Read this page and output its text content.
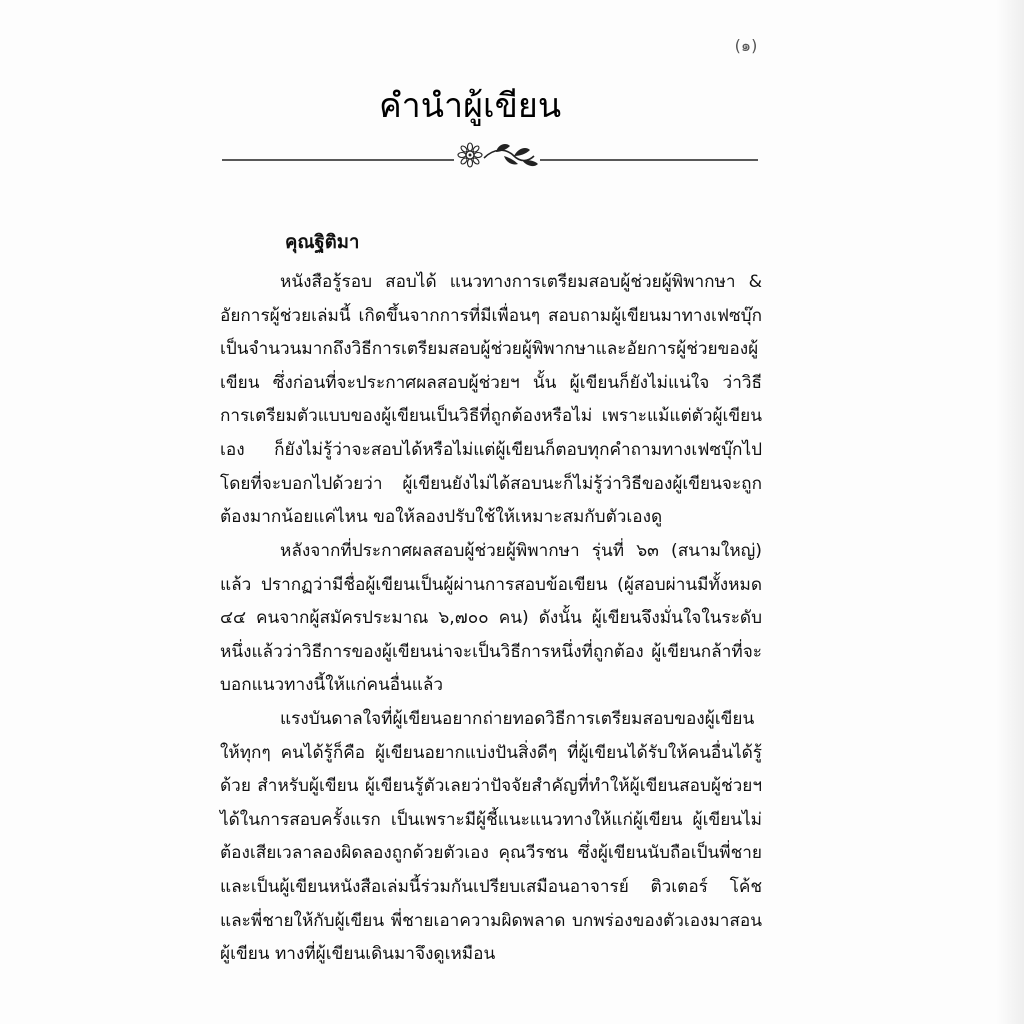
(๑)
คำนำผู้เขียน
คุณฐิติมา

หนังสือรู้รอบ สอบได้ แนวทางการเตรียมสอบผู้ช่วยผู้พิพากษา & อัยการผู้ช่วยเล่มนี้ เกิดขึ้นจากการที่มีเพื่อนๆ สอบถามผู้เขียนมาทางเฟซบุ๊กเป็นจำนวนมากถึงวิธีการเตรียมสอบผู้ช่วยผู้พิพากษาและอัยการผู้ช่วยของผู้เขียน ซึ่งก่อนที่จะประกาศผลสอบผู้ช่วยฯ นั้น ผู้เขียนก็ยังไม่แน่ใจ ว่าวิธีการเตรียมตัวแบบของผู้เขียนเป็นวิธีที่ถูกต้องหรือไม่ เพราะแม้แต่ตัวผู้เขียนเอง ก็ยังไม่รู้ว่าจะสอบได้หรือไม่แต่ผู้เขียนก็ตอบทุกคำถามทางเฟซบุ๊กไป โดยที่จะบอกไปด้วยว่า ผู้เขียนยังไม่ได้สอบนะก็ไม่รู้ว่าวิธีของผู้เขียนจะถูกต้องมากน้อยแค่ไหน ขอให้ลองปรับใช้ให้เหมาะสมกับตัวเองดู

หลังจากที่ประกาศผลสอบผู้ช่วยผู้พิพากษา รุ่นที่ ๖๓ (สนามใหญ่) แล้ว ปรากฏว่ามีชื่อผู้เขียนเป็นผู้ผ่านการสอบข้อเขียน (ผู้สอบผ่านมีทั้งหมด ๔๔ คนจากผู้สมัครประมาณ ๖,๗๐๐ คน) ดังนั้น ผู้เขียนจึงมั่นใจในระดับหนึ่งแล้วว่าวิธีการของผู้เขียนน่าจะเป็นวิธีการหนึ่งที่ถูกต้อง ผู้เขียนกล้าที่จะบอกแนวทางนี้ให้แก่คนอื่นแล้ว

แรงบันดาลใจที่ผู้เขียนอยากถ่ายทอดวิธีการเตรียมสอบของผู้เขียนให้ทุกๆ คนได้รู้ก็คือ ผู้เขียนอยากแบ่งปันสิ่งดีๆ ที่ผู้เขียนได้รับให้คนอื่นได้รู้ด้วย สำหรับผู้เขียน ผู้เขียนรู้ตัวเลยว่าปัจจัยสำคัญที่ทำให้ผู้เขียนสอบผู้ช่วยฯ ได้ในการสอบครั้งแรก เป็นเพราะมีผู้ชี้แนะแนวทางให้แก่ผู้เขียน ผู้เขียนไม่ต้องเสียเวลาลองผิดลองถูกด้วยตัวเอง คุณวีรชน ซึ่งผู้เขียนนับถือเป็นพี่ชายและเป็นผู้เขียนหนังสือเล่มนี้ร่วมกันเปรียบเสมือนอาจารย์ ติวเตอร์ โค้ช และพี่ชายให้กับผู้เขียน พี่ชายเอาความผิดพลาด บกพร่องของตัวเองมาสอนผู้เขียน ทางที่ผู้เขียนเดินมาจึงดูเหมือน
